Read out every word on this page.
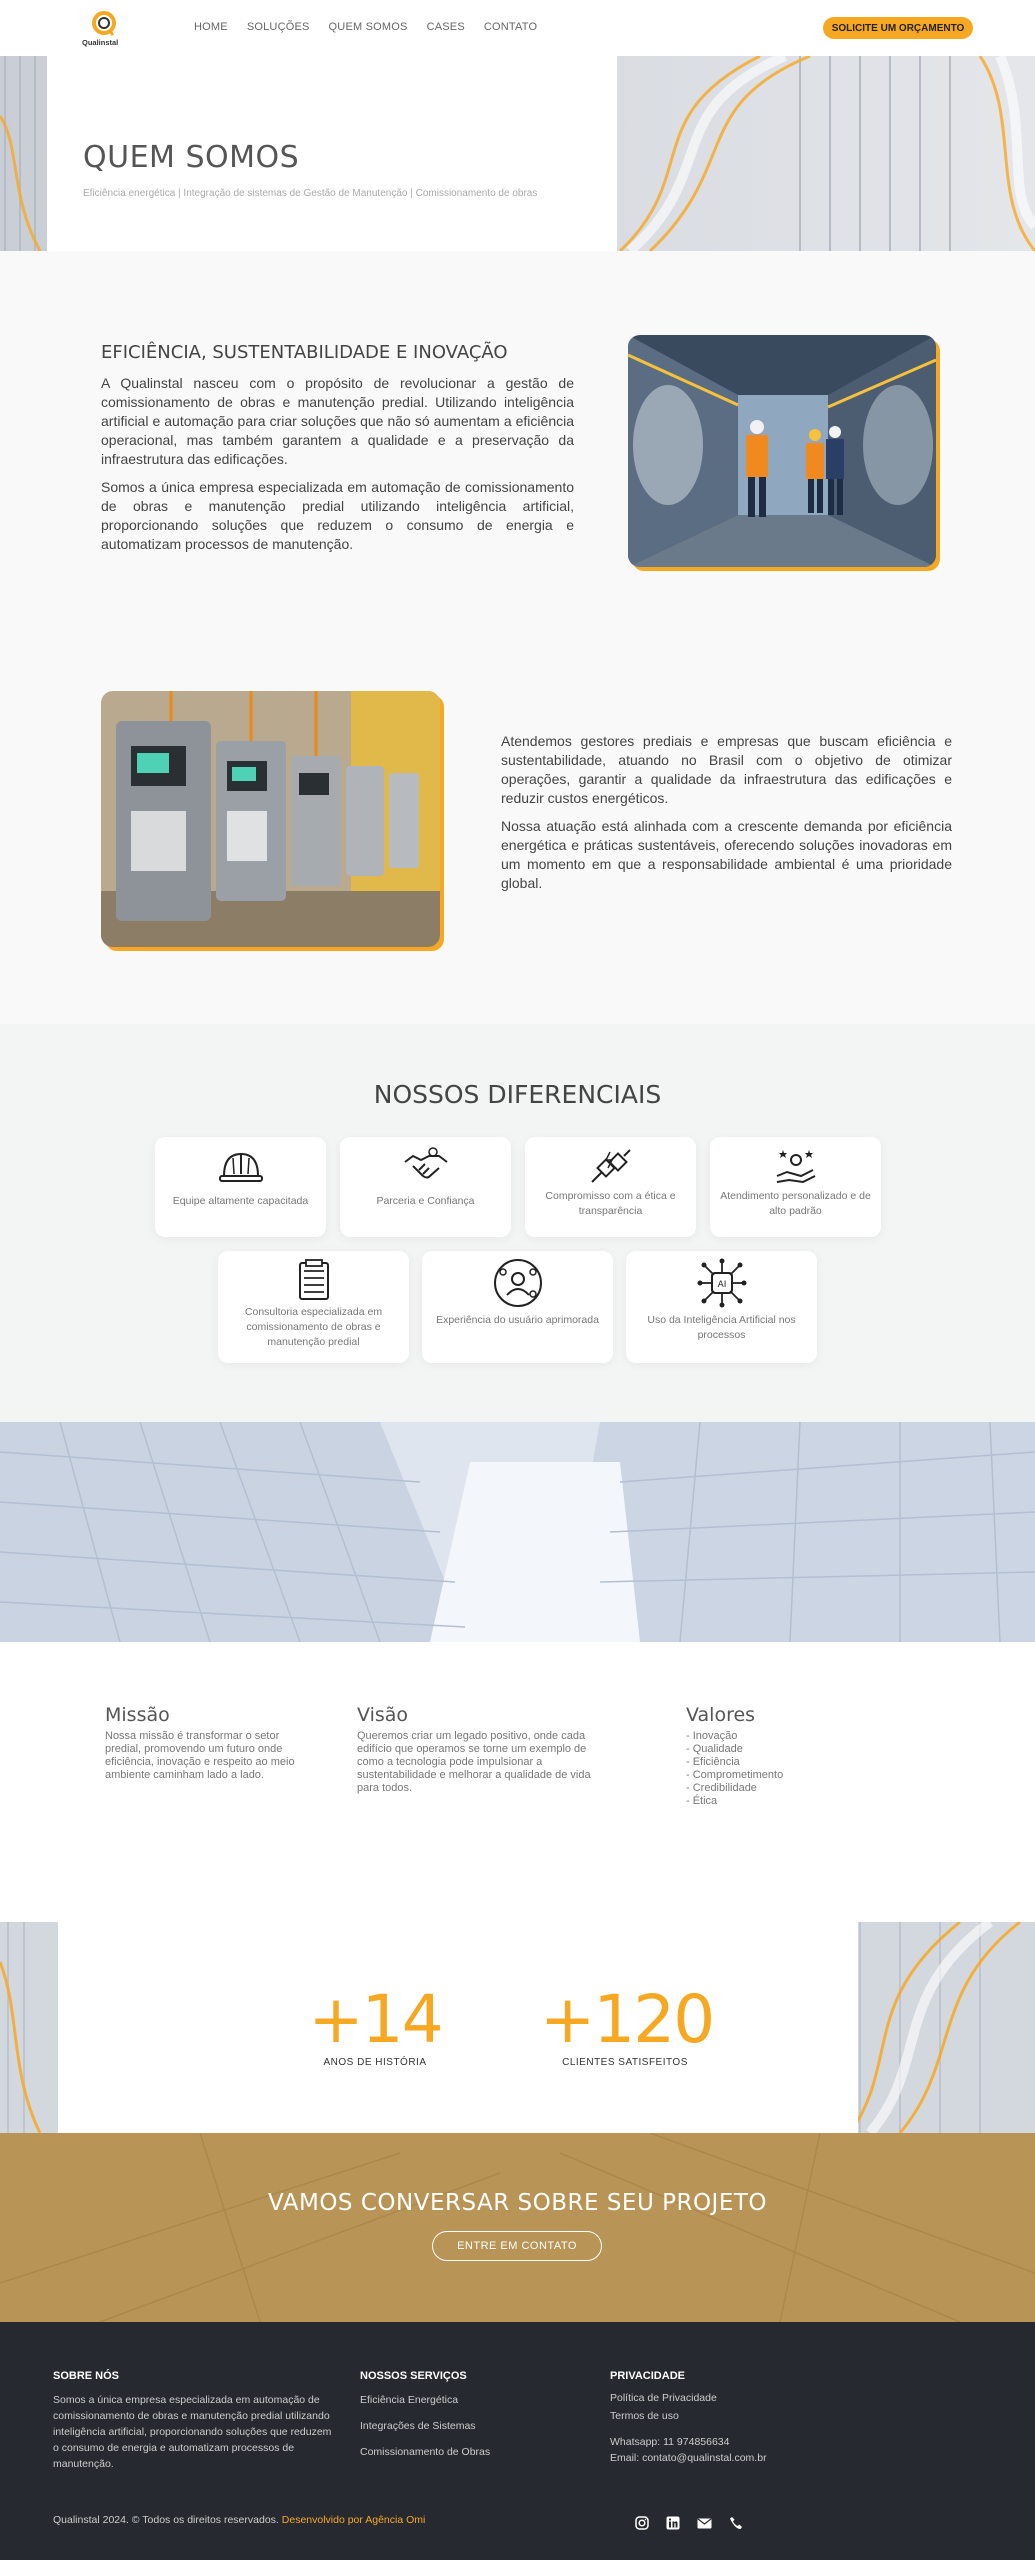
Qualinstal
HOME SOLUÇÕES QUEM SOMOS CASES CONTATO	SOLICITE UM ORÇAMENTO
QUEM SOMOS
Eficiência energética | Integração de sistemas de Gestão de Manutenção | Comissionamento de obras
EFICIÊNCIA, SUSTENTABILIDADE E INOVAÇÃO

A Qualinstal nasceu com o propósito de revolucionar a gestão de comissionamento de obras e manutenção predial. Utilizando inteligência artificial e automação para criar soluções que não só aumentam a eficiência operacional, mas também garantem a qualidade e a preservação da infraestrutura das edificações.

Somos a única empresa especializada em automação de comissionamento de obras e manutenção predial utilizando inteligência artificial, proporcionando soluções que reduzem o consumo de energia e automatizam processos de manutenção.

Atendemos gestores prediais e empresas que buscam eficiência e sustentabilidade, atuando no Brasil com o objetivo de otimizar operações, garantir a qualidade da infraestrutura das edificações e reduzir custos energéticos.

Nossa atuação está alinhada com a crescente demanda por eficiência energética e práticas sustentáveis, oferecendo soluções inovadoras em um momento em que a responsabilidade ambiental é uma prioridade global.

NOSSOS DIFERENCIAIS
Equipe altamente capacitada	Parceria e Confiança	Compromisso com a ética e transparência
Atendimento personalizado e de alto padrão
Consultoria especializada em comissionamento de obras e manutenção predial
Experiência do usuário aprimorada
AI
Uso da Inteligência Artificial nos processos
Missão

Nossa missão é transformar o setor predial, promovendo um futuro onde eficiência, inovação e respeito ao meio ambiente caminham lado a lado.

Visão

Queremos criar um legado positivo, onde cada edifício que operamos se torne um exemplo de como a tecnologia pode impulsionar a sustentabilidade e melhorar a qualidade de vida para todos.

Valores

- Inovação

- Qualidade

- Eficiência

- Comprometimento

- Credibilidade

- Ética

+14
ANOS DE HISTÓRIA
+120
CLIENTES SATISFEITOS
VAMOS CONVERSAR SOBRE SEU PROJETO
ENTRE EM CONTATO
SOBRE NÓS
Somos a única empresa especializada em automação de comissionamento de obras e manutenção predial utilizando inteligência artificial, proporcionando soluções que reduzem o consumo de energia e automatizam processos de manutenção.
NOSSOS SERVIÇOS
Eficiência Energética
Integrações de Sistemas
Comissionamento de Obras
PRIVACIDADE
Política de Privacidade
Termos de uso
Whatsapp: 11 974856634
Email: contato@qualinstal.com.br
Qualinstal 2024. © Todos os direitos reservados. Desenvolvido por Agência Omi
